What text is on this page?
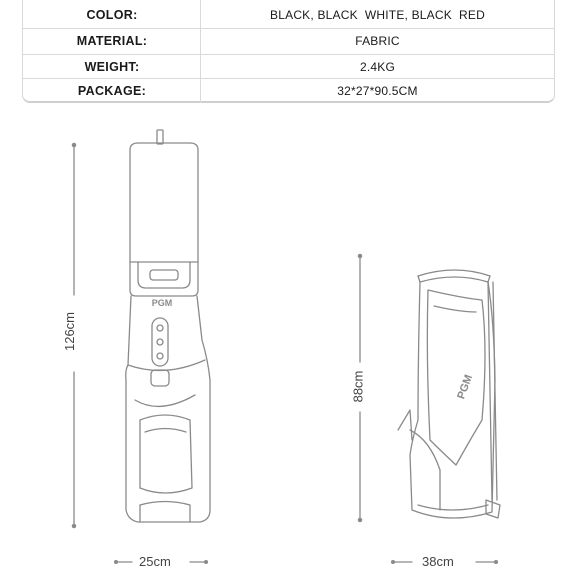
COLOR:	BLACK, BLACK  WHITE, BLACK  RED
MATERIAL:	FABRIC
WEIGHT:	2.4KG
PACKAGE:	32*27*90.5CM
PGM
PGM
126cm
25cm
88cm
38cm
